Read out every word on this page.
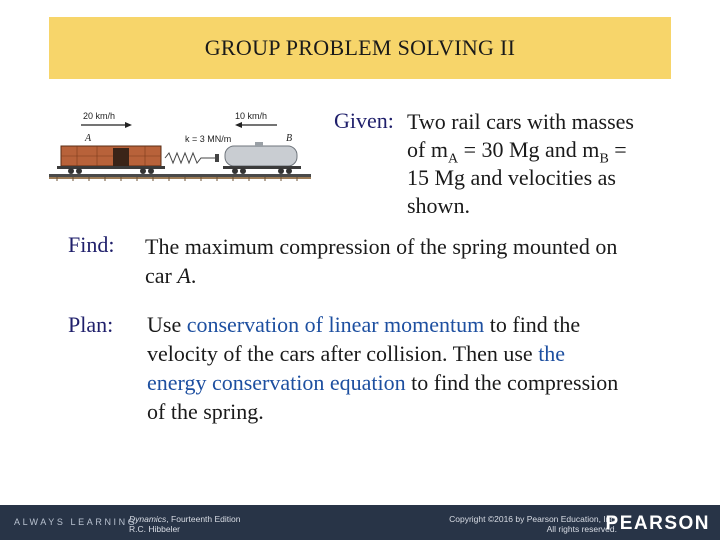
GROUP PROBLEM SOLVING II
20 km/h	10 km/h
A	B
k = 3 MN/m
Given: Two rail cars with masses
of $m_A = 30$ Mg and $m_B$ =
15 Mg and velocities as
shown.
Find: The maximum compression of the spring mounted on
car A.
Plan: Use conservation of linear momentum to find the
velocity of the cars after collision. Then use the
energy conservation equation to find the compression
of the spring.
ALWAYS LEARNING
Dynamics, Fourteenth Edition
R.C. Hibbeler
Copyright ©2016 by Pearson Education, Inc.
All rights reserved.
PEARSON
